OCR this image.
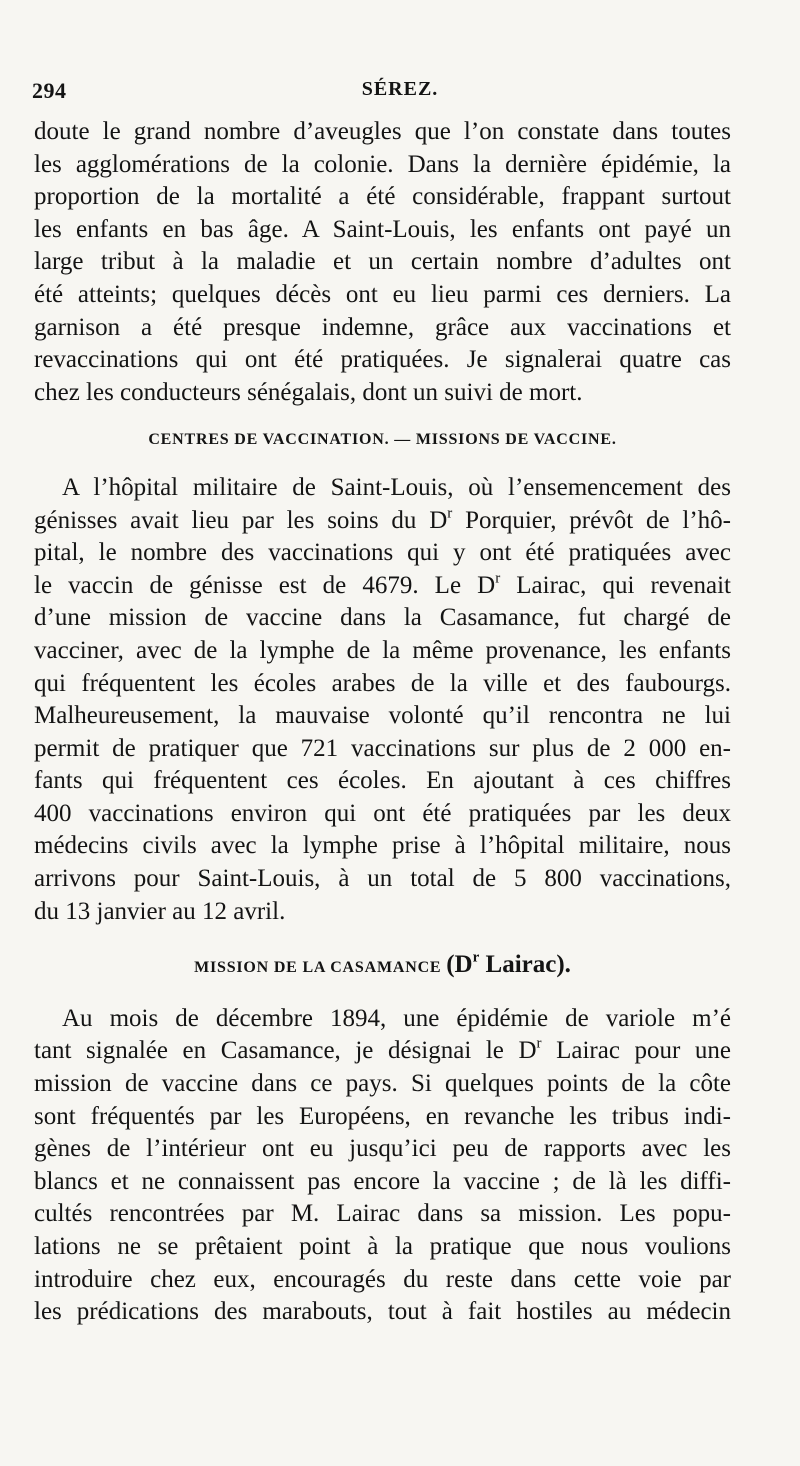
294	SÉREZ.
doute le grand nombre d’aveugles que l’on constate dans toutes
les agglomérations de la colonie. Dans la dernière épidémie, la
proportion de la mortalité a été considérable, frappant surtout
les enfants en bas âge. A Saint-Louis, les enfants ont payé un
large tribut à la maladie et un certain nombre d’adultes ont
été atteints; quelques décès ont eu lieu parmi ces derniers. La
garnison a été presque indemne, grâce aux vaccinations et
revaccinations qui ont été pratiquées. Je signalerai quatre cas
chez les conducteurs sénégalais, dont un suivi de mort.
CENTRES DE VACCINATION. — MISSIONS DE VACCINE.
A l’hôpital militaire de Saint-Louis, où l’ensemencement des
génisses avait lieu par les soins du $D^r$ Porquier, prévôt de l’hô-
pital, le nombre des vaccinations qui y ont été pratiquées avec
le vaccin de génisse est de 4679. Le $D^r$ Lairac, qui revenait
d’une mission de vaccine dans la Casamance, fut chargé de
vacciner, avec de la lymphe de la même provenance, les enfants
qui fréquentent les écoles arabes de la ville et des faubourgs.
Malheureusement, la mauvaise volonté qu’il rencontra ne lui
permit de pratiquer que 721 vaccinations sur plus de 2 000 en-
fants qui fréquentent ces écoles. En ajoutant à ces chiffres
400 vaccinations environ qui ont été pratiquées par les deux
médecins civils avec la lymphe prise à l’hôpital militaire, nous
arrivons pour Saint-Louis, à un total de 5 800 vaccinations,
du 13 janvier au 12 avril.
MISSION DE LA CASAMANCE ($D^r$ Lairac).
Au mois de décembre 1894, une épidémie de variole m’é
tant signalée en Casamance, je désignai le $D^r$ Lairac pour une
mission de vaccine dans ce pays. Si quelques points de la côte
sont fréquentés par les Européens, en revanche les tribus indi-
gènes de l’intérieur ont eu jusqu’ici peu de rapports avec les
blancs et ne connaissent pas encore la vaccine ; de là les diffi-
cultés rencontrées par M. Lairac dans sa mission. Les popu-
lations ne se prêtaient point à la pratique que nous voulions
introduire chez eux, encouragés du reste dans cette voie par
les prédications des marabouts, tout à fait hostiles au médecin
